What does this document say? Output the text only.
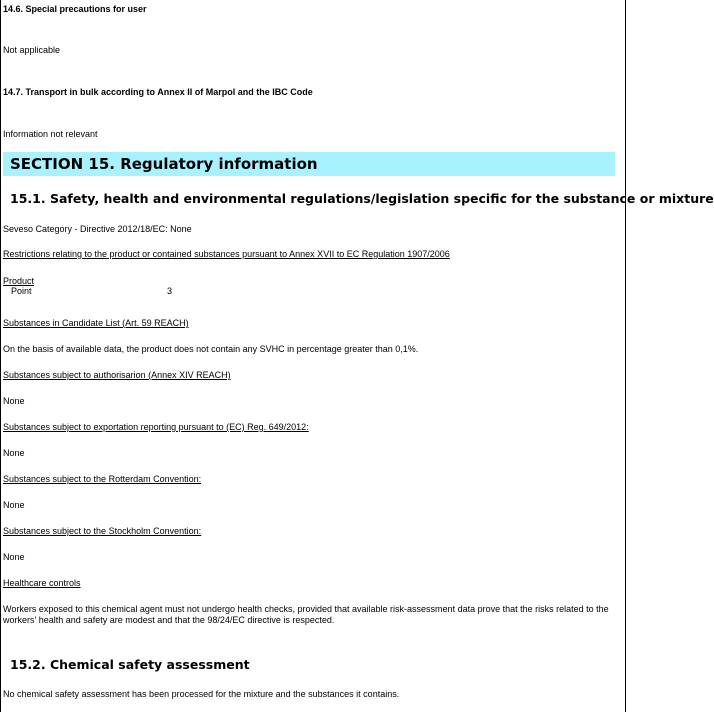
14.6. Special precautions for user
Not applicable
14.7. Transport in bulk according to Annex II of Marpol and the IBC Code
Information not relevant
SECTION 15. Regulatory information
15.1. Safety, health and environmental regulations/legislation specific for the substance or mixture
Seveso Category - Directive 2012/18/EC: None
Restrictions relating to the product or contained substances pursuant to Annex XVII to EC Regulation 1907/2006
Product
Point	3
Substances in Candidate List (Art. 59 REACH)
On the basis of available data, the product does not contain any SVHC in percentage greater than 0,1%.
Substances subject to authorisarion (Annex XIV REACH)
None
Substances subject to exportation reporting pursuant to (EC) Reg. 649/2012:
None
Substances subject to the Rotterdam Convention:
None
Substances subject to the Stockholm Convention:
None
Healthcare controls
Workers exposed to this chemical agent must not undergo health checks, provided that available risk-assessment data prove that the risks related to the workers' health and safety are modest and that the 98/24/EC directive is respected.
15.2. Chemical safety assessment
No chemical safety assessment has been processed for the mixture and the substances it contains.
